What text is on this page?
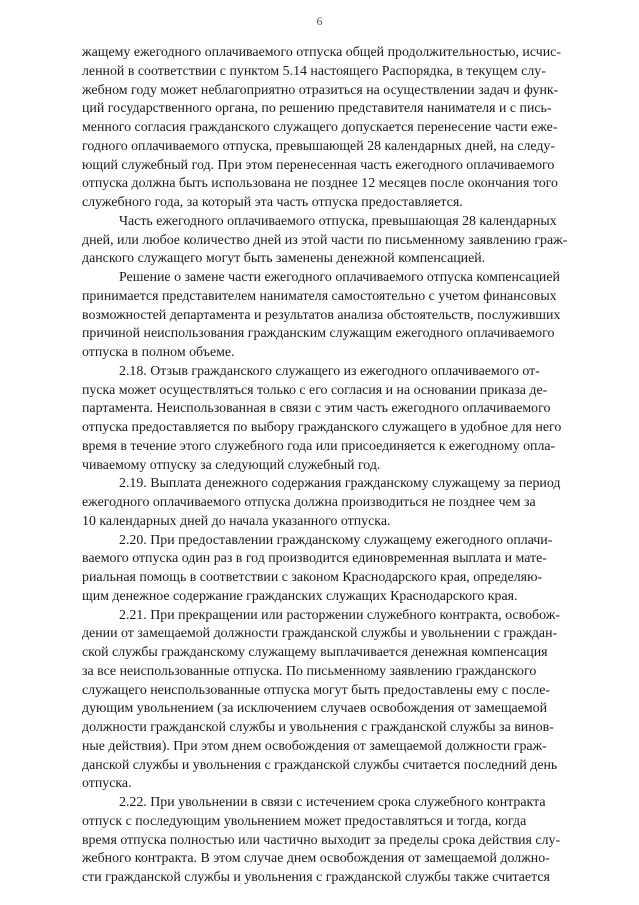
6
жащему ежегодного оплачиваемого отпуска общей продолжительностью, исчис-
ленной в соответствии с пунктом 5.14 настоящего Распорядка, в текущем слу-
жебном году может неблагоприятно отразиться на осуществлении задач и функ-
ций государственного органа, по решению представителя нанимателя и с пись-
менного согласия гражданского служащего допускается перенесение части еже-
годного оплачиваемого отпуска, превышающей 28 календарных дней, на следу-
ющий служебный год. При этом перенесенная часть ежегодного оплачиваемого
отпуска должна быть использована не позднее 12 месяцев после окончания того
служебного года, за который эта часть отпуска предоставляется.
Часть ежегодного оплачиваемого отпуска, превышающая 28 календарных
дней, или любое количество дней из этой части по письменному заявлению граж-
данского служащего могут быть заменены денежной компенсацией.
Решение о замене части ежегодного оплачиваемого отпуска компенсацией
принимается представителем нанимателя самостоятельно с учетом финансовых
возможностей департамента и результатов анализа обстоятельств, послуживших
причиной неиспользования гражданским служащим ежегодного оплачиваемого
отпуска в полном объеме.
2.18. Отзыв гражданского служащего из ежегодного оплачиваемого от-
пуска может осуществляться только с его согласия и на основании приказа де-
партамента. Неиспользованная в связи с этим часть ежегодного оплачиваемого
отпуска предоставляется по выбору гражданского служащего в удобное для него
время в течение этого служебного года или присоединяется к ежегодному опла-
чиваемому отпуску за следующий служебный год.
2.19. Выплата денежного содержания гражданскому служащему за период
ежегодного оплачиваемого отпуска должна производиться не позднее чем за
10 календарных дней до начала указанного отпуска.
2.20. При предоставлении гражданскому служащему ежегодного оплачи-
ваемого отпуска один раз в год производится единовременная выплата и мате-
риальная помощь в соответствии с законом Краснодарского края, определяю-
щим денежное содержание гражданских служащих Краснодарского края.
2.21. При прекращении или расторжении служебного контракта, освобож-
дении от замещаемой должности гражданской службы и увольнении с граждан-
ской службы гражданскому служащему выплачивается денежная компенсация
за все неиспользованные отпуска. По письменному заявлению гражданского
служащего неиспользованные отпуска могут быть предоставлены ему с после-
дующим увольнением (за исключением случаев освобождения от замещаемой
должности гражданской службы и увольнения с гражданской службы за винов-
ные действия). При этом днем освобождения от замещаемой должности граж-
данской службы и увольнения с гражданской службы считается последний день
отпуска.
2.22. При увольнении в связи с истечением срока служебного контракта
отпуск с последующим увольнением может предоставляться и тогда, когда
время отпуска полностью или частично выходит за пределы срока действия слу-
жебного контракта. В этом случае днем освобождения от замещаемой должно-
сти гражданской службы и увольнения с гражданской службы также считается
